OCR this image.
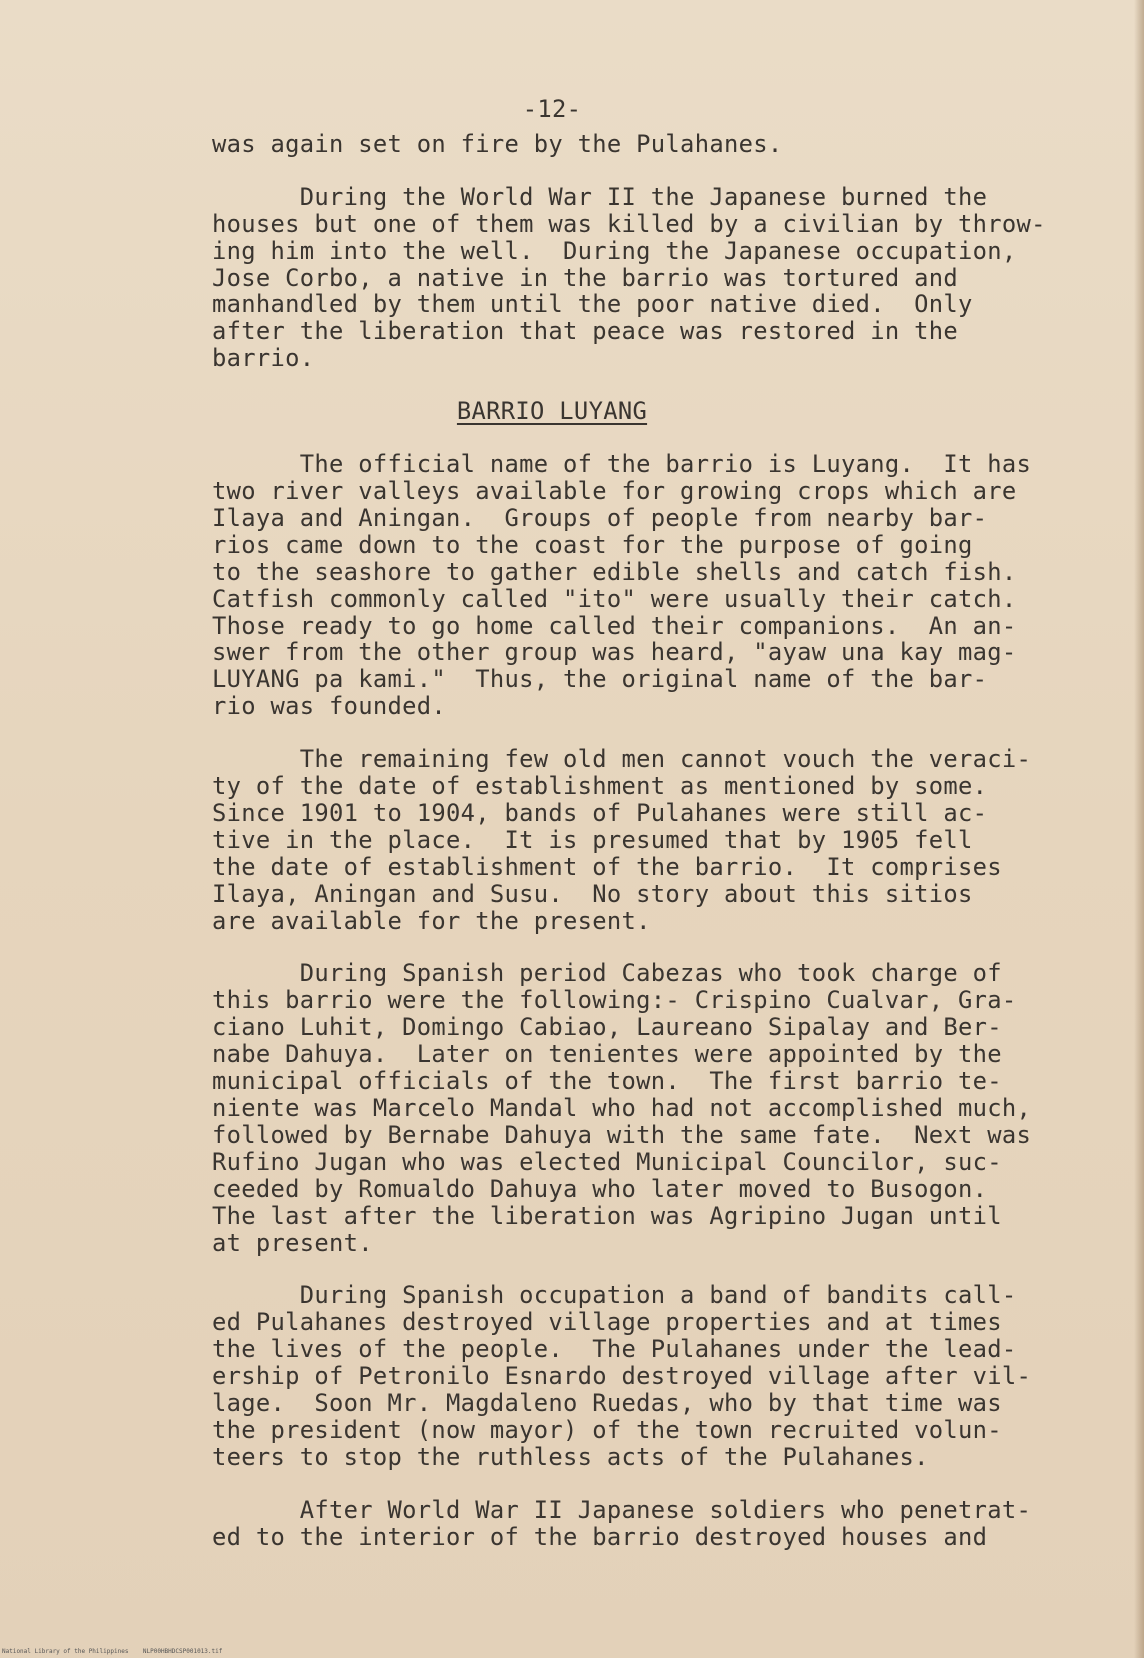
-12-
was again set on fire by the Pulahanes.
During the World War II the Japanese burned the
houses but one of them was killed by a civilian by throw-
ing him into the well.  During the Japanese occupation,
Jose Corbo, a native in the barrio was tortured and
manhandled by them until the poor native died.  Only
after the liberation that peace was restored in the
barrio.
BARRIO LUYANG
The official name of the barrio is Luyang.  It has
two river valleys available for growing crops which are
Ilaya and Aningan.  Groups of people from nearby bar-
rios came down to the coast for the purpose of going
to the seashore to gather edible shells and catch fish.
Catfish commonly called "ito" were usually their catch.
Those ready to go home called their companions.  An an-
swer from the other group was heard, "ayaw una kay mag-
LUYANG pa kami."  Thus, the original name of the bar-
rio was founded.
The remaining few old men cannot vouch the veraci-
ty of the date of establishment as mentioned by some.
Since 1901 to 1904, bands of Pulahanes were still ac-
tive in the place.  It is presumed that by 1905 fell
the date of establishment of the barrio.  It comprises
Ilaya, Aningan and Susu.  No story about this sitios
are available for the present.
During Spanish period Cabezas who took charge of
this barrio were the following:- Crispino Cualvar, Gra-
ciano Luhit, Domingo Cabiao, Laureano Sipalay and Ber-
nabe Dahuya.  Later on tenientes were appointed by the
municipal officials of the town.  The first barrio te-
niente was Marcelo Mandal who had not accomplished much,
followed by Bernabe Dahuya with the same fate.  Next was
Rufino Jugan who was elected Municipal Councilor, suc-
ceeded by Romualdo Dahuya who later moved to Busogon.
The last after the liberation was Agripino Jugan until
at present.
During Spanish occupation a band of bandits call-
ed Pulahanes destroyed village properties and at times
the lives of the people.  The Pulahanes under the lead-
ership of Petronilo Esnardo destroyed village after vil-
lage.  Soon Mr. Magdaleno Ruedas, who by that time was
the president (now mayor) of the town recruited volun-
teers to stop the ruthless acts of the Pulahanes.
After World War II Japanese soldiers who penetrat-
ed to the interior of the barrio destroyed houses and
National Library of the Philippines    NLP00HBHDCSP001013.tif
